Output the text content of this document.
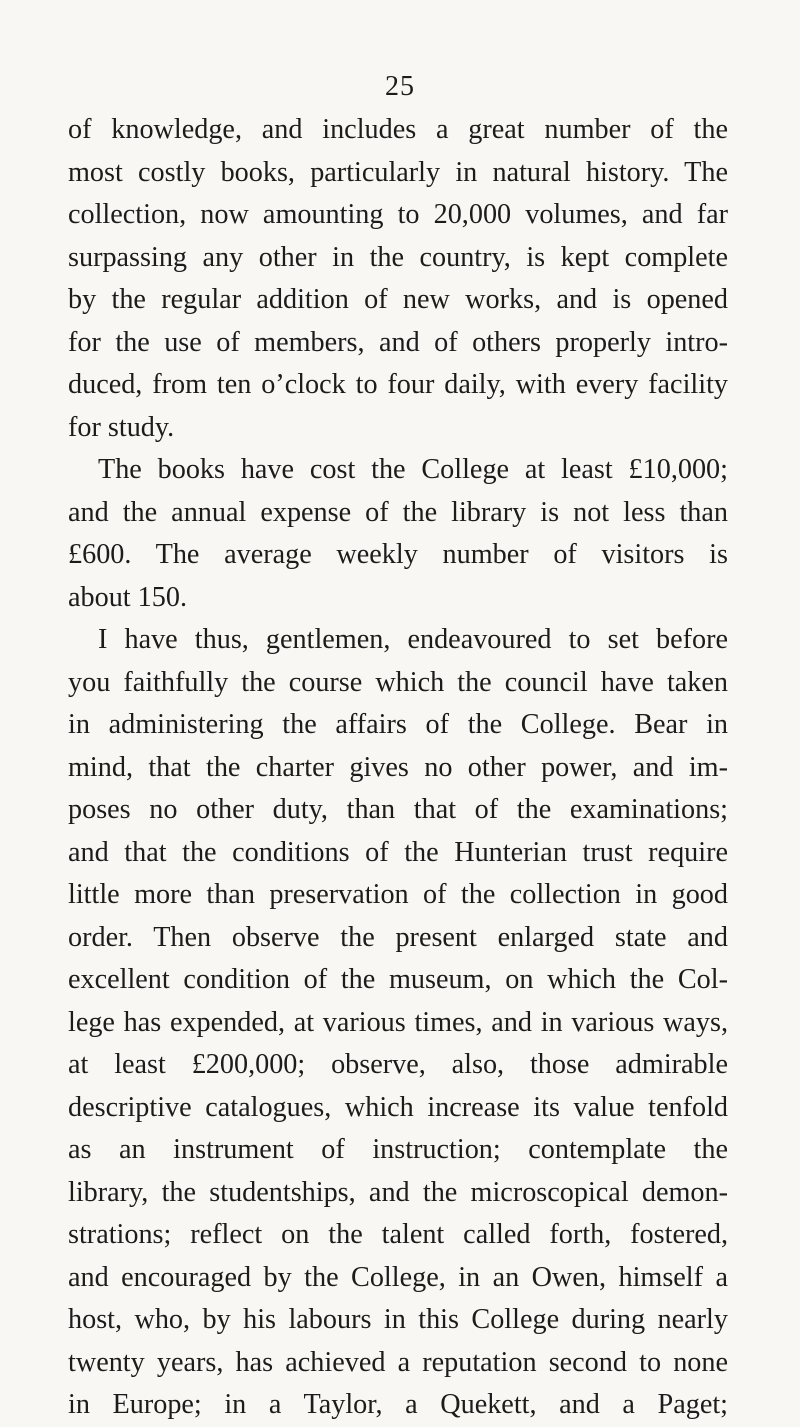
25
of knowledge, and includes a great number of the
most costly books, particularly in natural history. The
collection, now amounting to 20,000 volumes, and far
surpassing any other in the country, is kept complete
by the regular addition of new works, and is opened
for the use of members, and of others properly intro-
duced, from ten o’clock to four daily, with every facility
for study.
The books have cost the College at least £10,000;
and the annual expense of the library is not less than
£600. The average weekly number of visitors is
about 150.
I have thus, gentlemen, endeavoured to set before
you faithfully the course which the council have taken
in administering the affairs of the College. Bear in
mind, that the charter gives no other power, and im-
poses no other duty, than that of the examinations;
and that the conditions of the Hunterian trust require
little more than preservation of the collection in good
order. Then observe the present enlarged state and
excellent condition of the museum, on which the Col-
lege has expended, at various times, and in various ways,
at least £200,000; observe, also, those admirable
descriptive catalogues, which increase its value tenfold
as an instrument of instruction; contemplate the
library, the studentships, and the microscopical demon-
strations; reflect on the talent called forth, fostered,
and encouraged by the College, in an Owen, himself a
host, who, by his labours in this College during nearly
twenty years, has achieved a reputation second to none
in Europe; in a Taylor, a Quekett, and a Paget;
